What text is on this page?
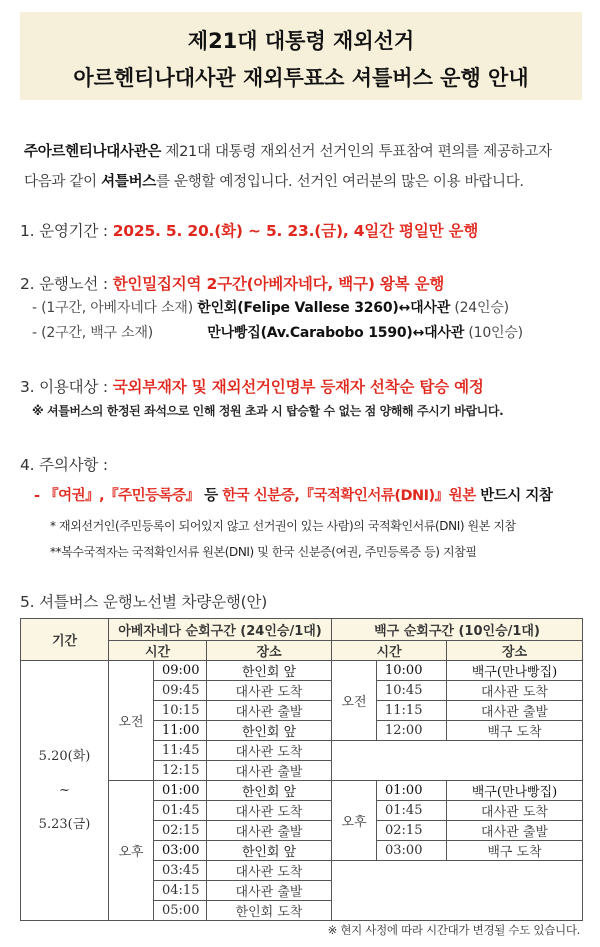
제21대 대통령 재외선거
아르헨티나대사관 재외투표소 셔틀버스 운행 안내
주아르헨티나대사관은 제21대 대통령 재외선거 선거인의 투표참여 편의를 제공하고자
다음과 같이 셔틀버스를 운행할 예정입니다. 선거인 여러분의 많은 이용 바랍니다.
1. 운영기간 : 2025. 5. 20.(화) ~ 5. 23.(금), 4일간 평일만 운행
2. 운행노선 : 한인밀집지역 2구간(아베자네다, 백구) 왕복 운행
- (1구간, 아베자네다 소재) 한인회(Felipe Vallese 3260)↔대사관 (24인승)
- (2구간, 백구 소재)	만나빵집(Av.Carabobo 1590)↔대사관 (10인승)
3. 이용대상 : 국외부재자 및 재외선거인명부 등재자 선착순 탑승 예정
※ 셔틀버스의 한정된 좌석으로 인해 정원 초과 시 탑승할 수 없는 점 양해해 주시기 바랍니다.
4. 주의사항 :
- 『여권』,『주민등록증』 등 한국 신분증,『국적확인서류(DNI)』원본 반드시 지참
* 재외선거인(주민등록이 되어있지 않고 선거권이 있는 사람)의 국적확인서류(DNI) 원본 지참
**복수국적자는 국적확인서류 원본(DNI) 및 한국 신분증(여권, 주민등록증 등) 지참필
5. 셔틀버스 운행노선별 차량운행(안)
기간	아베자네다 순회구간 (24인승/1대)			백구 순회구간 (10인승/1대)		
	시간		장소	시간		장소

5.20(화)
~
5.23(금)	오전	09:00	한인회 앞	오전	10:00	백구(만나빵집)
		09:45	대사관 도착		10:45	대사관 도착
		10:15	대사관 출발		11:15	대사관 출발
		11:00	한인회 앞		12:00	백구 도착
		11:45	대사관 도착			
		12:15	대사관 출발			
	오후	01:00	한인회 앞	오후	01:00	백구(만나빵집)
		01:45	대사관 도착		01:45	대사관 도착
		02:15	대사관 출발		02:15	대사관 출발
		03:00	한인회 앞		03:00	백구 도착
		03:45	대사관 도착			
		04:15	대사관 출발			
		05:00	한인회 도착			
※ 현지 사정에 따라 시간대가 변경될 수도 있습니다.
